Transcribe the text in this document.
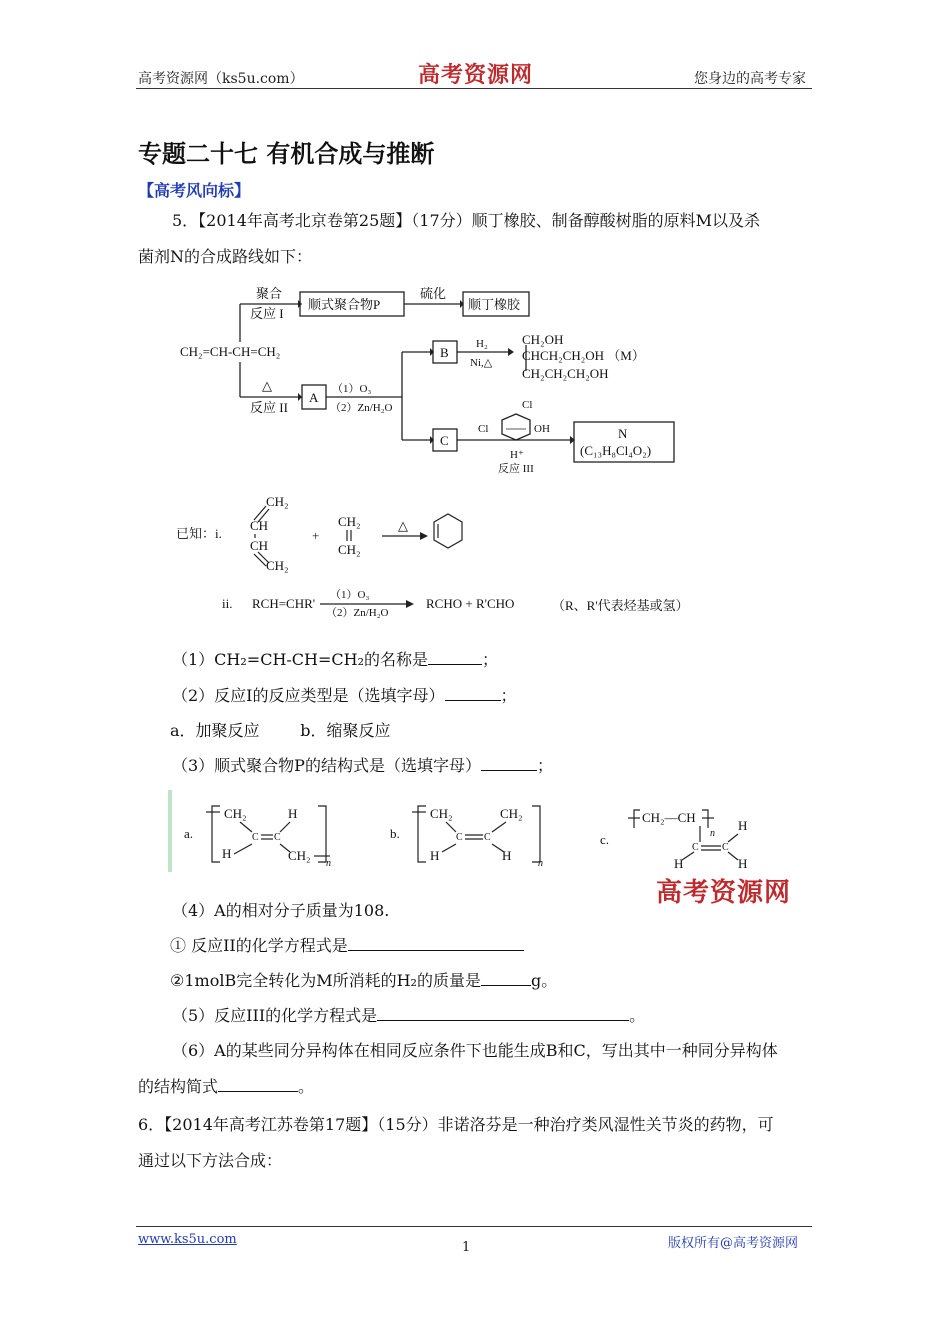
高考资源网（ks5u.com）	高考资源网	您身边的高考专家
专题二十七 有机合成与推断
【高考风向标】
5．【2014年高考北京卷第25题】（17分）顺丁橡胶、制备醇酸树脂的原料M以及杀
菌剂N的合成路线如下：
CH₂=CH-CH=CH₂
聚合
反应 I
顺式聚合物P
硫化
顺丁橡胶
△
反应 II
A
（1）O₃
（2）Zn/H₂O
B
H₂
Ni,△
CH₂OH
CHCH₂CH₂OH （M）
CH₂CH₂CH₂OH
C
Cl
Cl
OH
H⁺
反应 III
N
(C₁₃H₈Cl₄O₂)
已知：i.
CH₂
CH
CH
CH₂
+
CH₂
CH₂
△
ii. RCH=CHR'
（1）O₃
（2）Zn/H₂O
RCHO + R'CHO	（R、R'代表烃基或氢）
（1）CH₂=CH-CH=CH₂的名称是	；
（2）反应I的反应类型是（选填字母）	；
a．加聚反应        b．缩聚反应
（3）顺式聚合物P的结构式是（选填字母）	；
a.
CH₂	H
C C
H	CH₂
n
b.
CH₂	CH₂
C C
H	H
n
c.
CH₂—CH
n
H
C C
H	H
高考资源网
（4）A的相对分子质量为108.
① 反应II的化学方程式是
②1molB完全转化为M所消耗的H₂的质量是	g。
（5）反应III的化学方程式是	。
（6）A的某些同分异构体在相同反应条件下也能生成B和C，写出其中一种同分异构体
的结构简式	。
6．【2014年高考江苏卷第17题】（15分）非诺洛芬是一种治疗类风湿性关节炎的药物，可
通过以下方法合成：
www.ks5u.com
1	版权所有@高考资源网
